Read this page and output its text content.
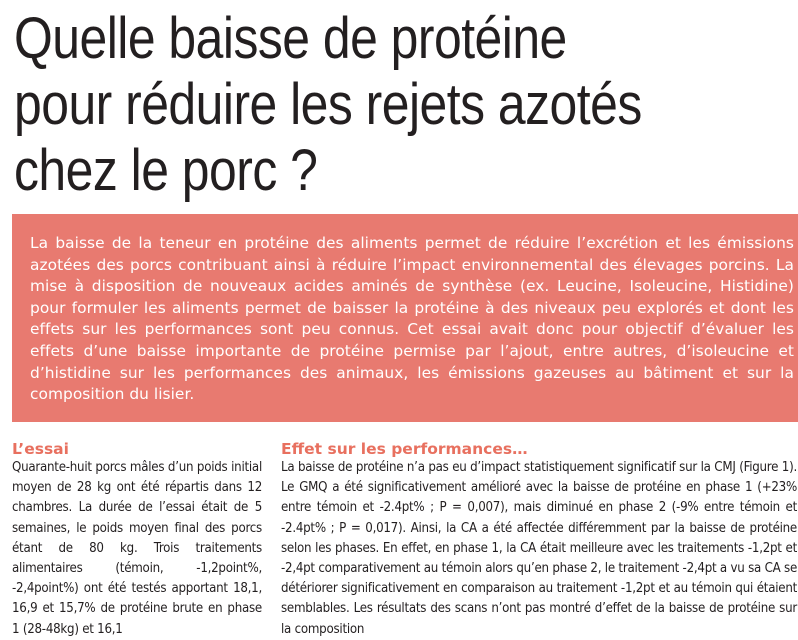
Quelle baisse de protéine
pour réduire les rejets azotés
chez le porc ?

La baisse de la teneur en protéine des aliments permet de réduire l’excrétion et les émissions azotées des porcs contribuant ainsi à réduire l’impact environnemental des élevages porcins. La mise à disposition de nouveaux acides aminés de synthèse (ex. Leucine, Isoleucine, Histidine) pour formuler les aliments permet de baisser la protéine à des niveaux peu explorés et dont les effets sur les performances sont peu connus. Cet essai avait donc pour objectif d’évaluer les effets d’une baisse importante de protéine permise par l’ajout, entre autres, d’isoleucine et d’histidine sur les performances des animaux, les émissions gazeuses au bâtiment et sur la composition du lisier.

L’essai

Quarante-huit porcs mâles d’un poids initial moyen de 28 kg ont été répartis dans 12 chambres. La durée de l’essai était de 5 semaines, le poids moyen final des porcs étant de 80 kg. Trois traitements alimentaires (témoin, -1,2point%, -2,4point%) ont été testés apportant 18,1, 16,9 et 15,7% de protéine brute en phase 1 (28-48kg) et 16,1

Effet sur les performances…

La baisse de protéine n’a pas eu d’impact statistiquement significatif sur la CMJ (Figure 1). Le GMQ a été significativement amélioré avec la baisse de protéine en phase 1 (+23% entre témoin et -2.4pt% ; P = 0,007), mais diminué en phase 2 (-9% entre témoin et -2.4pt% ; P = 0,017). Ainsi, la CA a été affectée différemment par la baisse de protéine selon les phases. En effet, en phase 1, la CA était meilleure avec les traitements -1,2pt et -2,4pt comparativement au témoin alors qu’en phase 2, le traitement -2,4pt a vu sa CA se détériorer significativement en comparaison au traitement -1,2pt et au témoin qui étaient semblables. Les résultats des scans n’ont pas montré d’effet de la baisse de protéine sur la composition
